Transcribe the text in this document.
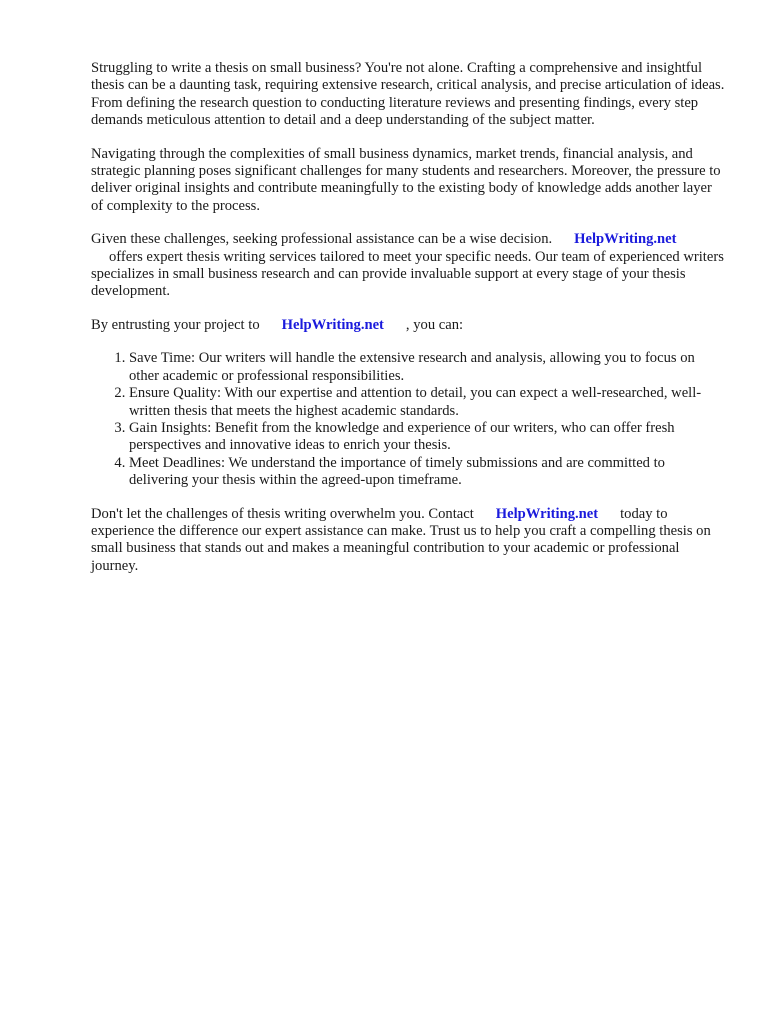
Struggling to write a thesis on small business? You're not alone. Crafting a comprehensive and insightful thesis can be a daunting task, requiring extensive research, critical analysis, and precise articulation of ideas. From defining the research question to conducting literature reviews and presenting findings, every step demands meticulous attention to detail and a deep understanding of the subject matter.

Navigating through the complexities of small business dynamics, market trends, financial analysis, and strategic planning poses significant challenges for many students and researchers. Moreover, the pressure to deliver original insights and contribute meaningfully to the existing body of knowledge adds another layer of complexity to the process.

Given these challenges, seeking professional assistance can be a wise decision. HelpWriting.net
offers expert thesis writing services tailored to meet your specific needs. Our team of experienced writers specializes in small business research and can provide invaluable support at every stage of your thesis development.

By entrusting your project to HelpWriting.net , you can:

1. Save Time: Our writers will handle the extensive research and analysis, allowing you to focus on other academic or professional responsibilities.
2. Ensure Quality: With our expertise and attention to detail, you can expect a well-researched, well-written thesis that meets the highest academic standards.
3. Gain Insights: Benefit from the knowledge and experience of our writers, who can offer fresh perspectives and innovative ideas to enrich your thesis.
4. Meet Deadlines: We understand the importance of timely submissions and are committed to delivering your thesis within the agreed-upon timeframe.

Don't let the challenges of thesis writing overwhelm you. Contact HelpWriting.net today to experience the difference our expert assistance can make. Trust us to help you craft a compelling thesis on small business that stands out and makes a meaningful contribution to your academic or professional journey.
